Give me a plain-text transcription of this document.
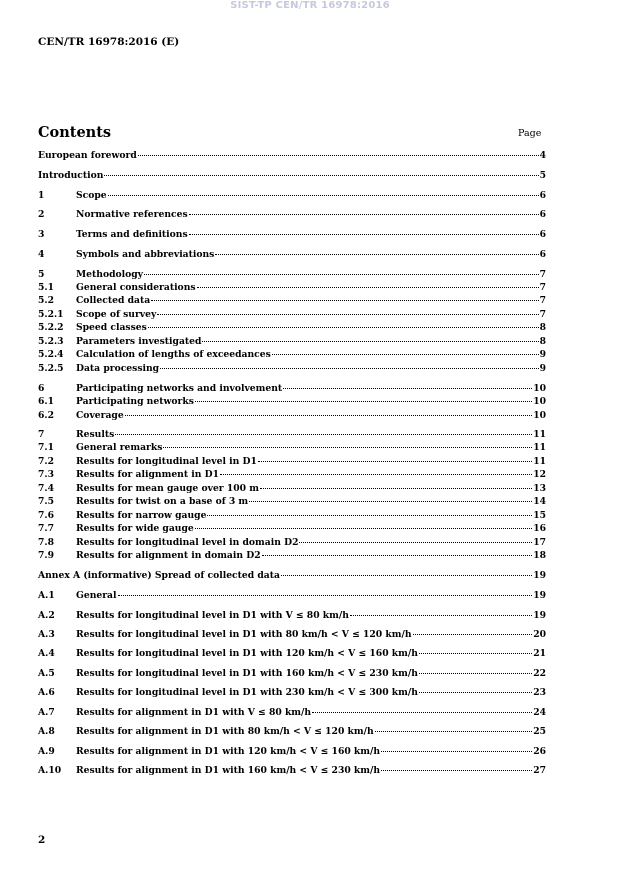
SIST-TP CEN/TR 16978:2016
CEN/TR 16978:2016 (E)
Contents	Page
European foreword	4
Introduction	5
1	Scope	6
2	Normative references	6
3	Terms and definitions	6
4	Symbols and abbreviations	6
5	Methodology	7
5.1	General considerations	7
5.2	Collected data	7
5.2.1	Scope of survey	7
5.2.2	Speed classes	8
5.2.3	Parameters investigated	8
5.2.4	Calculation of lengths of exceedances	9
5.2.5	Data processing	9
6	Participating networks and involvement	10
6.1	Participating networks	10
6.2	Coverage	10
7	Results	11
7.1	General remarks	11
7.2	Results for longitudinal level in D1	11
7.3	Results for alignment in D1	12
7.4	Results for mean gauge over 100 m	13
7.5	Results for twist on a base of 3 m	14
7.6	Results for narrow gauge	15
7.7	Results for wide gauge	16
7.8	Results for longitudinal level in domain D2	17
7.9	Results for alignment in domain D2	18
Annex A (informative) Spread of collected data	19
A.1	General	19
A.2	Results for longitudinal level in D1 with V ≤ 80 km/h	19
A.3	Results for longitudinal level in D1 with 80 km/h < V ≤ 120 km/h	20
A.4	Results for longitudinal level in D1 with 120 km/h < V ≤ 160 km/h	21
A.5	Results for longitudinal level in D1 with 160 km/h < V ≤ 230 km/h	22
A.6	Results for longitudinal level in D1 with 230 km/h < V ≤ 300 km/h	23
A.7	Results for alignment in D1 with V ≤ 80 km/h	24
A.8	Results for alignment in D1 with 80 km/h < V ≤ 120 km/h	25
A.9	Results for alignment in D1 with 120 km/h < V ≤ 160 km/h	26
A.10	Results for alignment in D1 with 160 km/h < V ≤ 230 km/h	27
2
